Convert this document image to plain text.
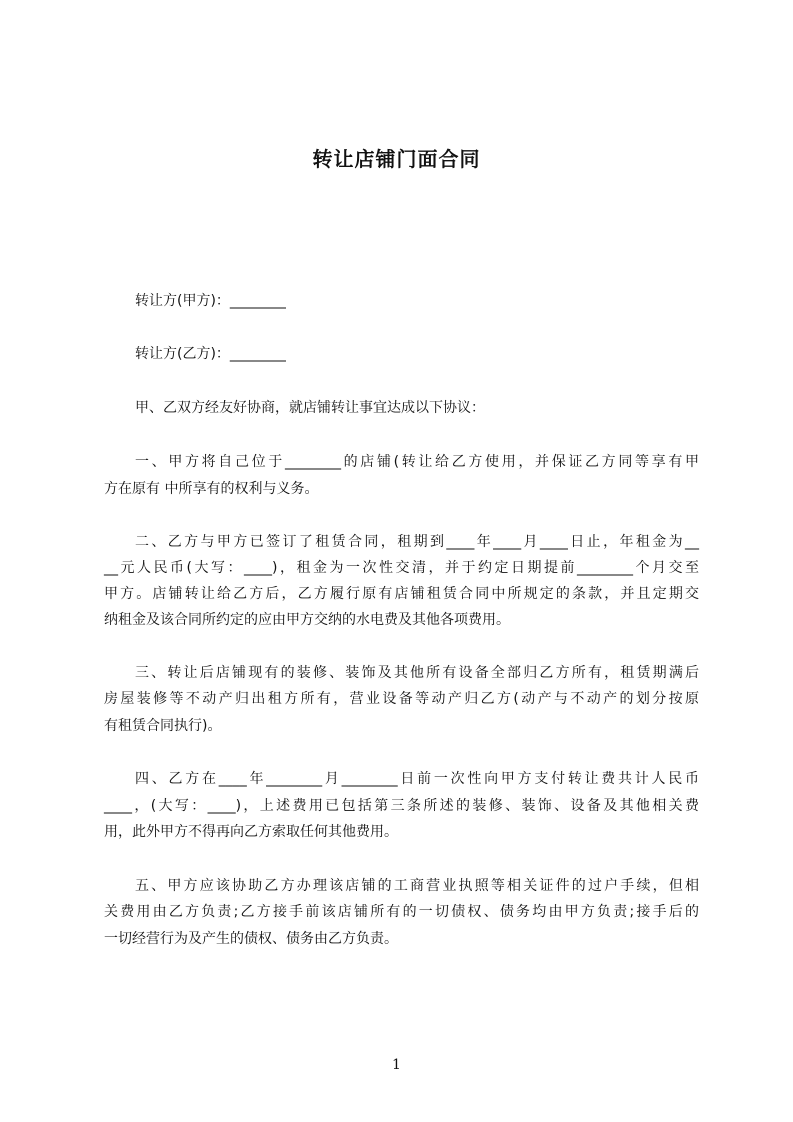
转让店铺门面合同
转让方(甲方)：________
转让方(乙方)：________
甲、乙双方经友好协商，就店铺转让事宜达成以下协议：
一、甲方将自己位于________的店铺(转让给乙方使用，并保证乙方同等享有甲
方在原有 中所享有的权利与义务。
二、乙方与甲方已签订了租赁合同，租期到____年____月____日止，年租金为__
__元人民币(大写：____)，租金为一次性交清，并于约定日期提前________个月交至
甲方。店铺转让给乙方后，乙方履行原有店铺租赁合同中所规定的条款，并且定期交
纳租金及该合同所约定的应由甲方交纳的水电费及其他各项费用。
三、转让后店铺现有的装修、装饰及其他所有设备全部归乙方所有，租赁期满后
房屋装修等不动产归出租方所有，营业设备等动产归乙方(动产与不动产的划分按原
有租赁合同执行)。
四、乙方在____年________月________日前一次性向甲方支付转让费共计人民币
____，(大写：____)，上述费用已包括第三条所述的装修、装饰、设备及其他相关费
用，此外甲方不得再向乙方索取任何其他费用。
五、甲方应该协助乙方办理该店铺的工商营业执照等相关证件的过户手续，但相
关费用由乙方负责;乙方接手前该店铺所有的一切债权、债务均由甲方负责;接手后的
一切经营行为及产生的债权、债务由乙方负责。
1
